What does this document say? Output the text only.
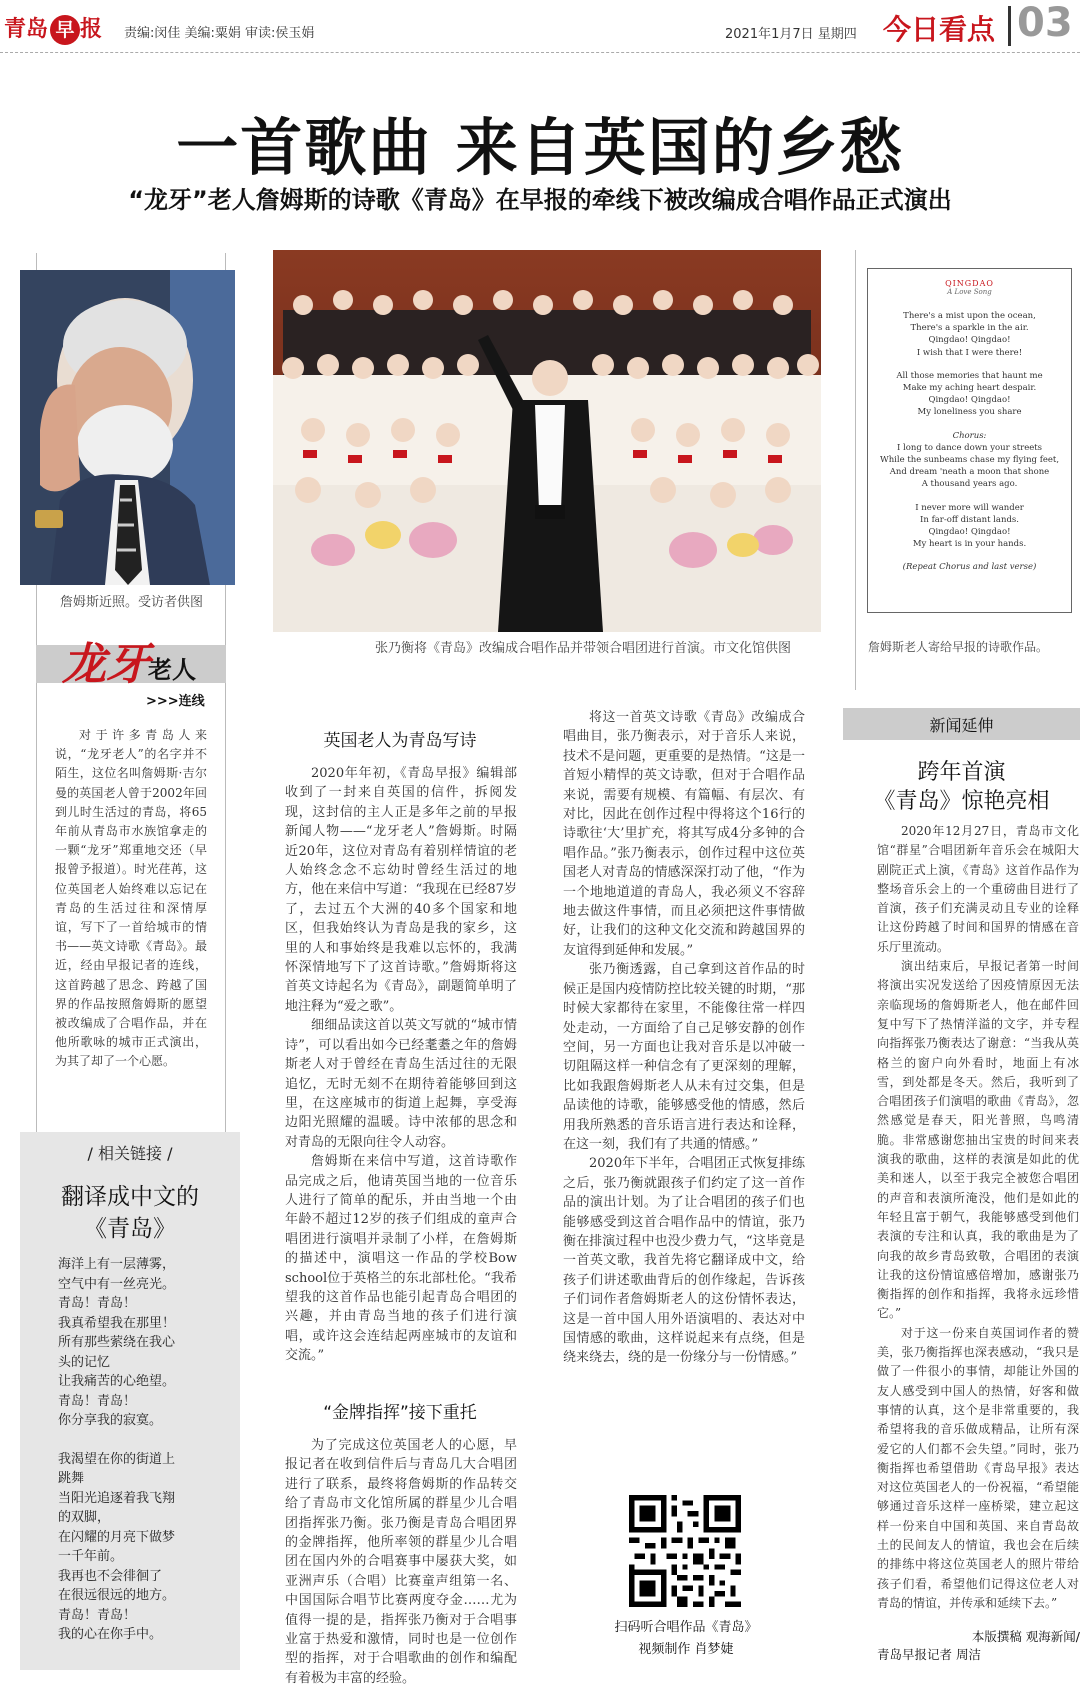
青岛 早 报 责编:闵佳 美编:粟娟 审读:侯玉娟	2021年1月7日 星期四 今日看点 03
一首歌曲 来自英国的乡愁
“龙牙”老人詹姆斯的诗歌《青岛》在早报的牵线下被改编成合唱作品正式演出
詹姆斯近照。受访者供图
龙牙
老人
>>>连线
对于许多青岛人来说，“龙牙老人”的名字并不陌生，这位名叫詹姆斯·吉尔曼的英国老人曾于2002年回到儿时生活过的青岛，将65年前从青岛市水族馆拿走的一颗“龙牙”郑重地交还（早报曾予报道）。时光荏苒，这位英国老人始终难以忘记在青岛的生活过往和深情厚谊，写下了一首给城市的情书——英文诗歌《青岛》。最近，经由早报记者的连线，这首跨越了思念、跨越了国界的作品按照詹姆斯的愿望被改编成了合唱作品，并在他所歌咏的城市正式演出，为其了却了一个心愿。
/ 相关链接 /
翻译成中文的
《青岛》
海洋上有一层薄雾，
空气中有一丝亮光。
青岛！青岛！
我真希望我在那里！
所有那些萦绕在我心
头的记忆
让我痛苦的心绝望。
青岛！青岛！
你分享我的寂寞。
我渴望在你的街道上
跳舞
当阳光追逐着我飞翔
的双脚，
在闪耀的月亮下做梦
一千年前。
我再也不会徘徊了
在很远很远的地方。
青岛！青岛！
我的心在你手中。
张乃衡将《青岛》改编成合唱作品并带领合唱团进行首演。市文化馆供图
英国老人为青岛写诗

2020年年初，《青岛早报》编辑部收到了一封来自英国的信件，拆阅发现，这封信的主人正是多年之前的早报新闻人物——“龙牙老人”詹姆斯。时隔近20年，这位对青岛有着别样情谊的老人始终念念不忘幼时曾经生活过的地方，他在来信中写道：“我现在已经87岁了，去过五个大洲的40多个国家和地区，但我始终认为青岛是我的家乡，这里的人和事始终是我难以忘怀的，我满怀深情地写下了这首诗歌。”詹姆斯将这首英文诗起名为《青岛》，副题简单明了地注释为“爱之歌”。

细细品读这首以英文写就的“城市情诗”，可以看出如今已经耄耋之年的詹姆斯老人对于曾经在青岛生活过往的无限追忆，无时无刻不在期待着能够回到这里，在这座城市的街道上起舞，享受海边阳光照耀的温暖。诗中浓郁的思念和对青岛的无限向往令人动容。

詹姆斯在来信中写道，这首诗歌作品完成之后，他请英国当地的一位音乐人进行了简单的配乐，并由当地一个由年龄不超过12岁的孩子们组成的童声合唱团进行演唱并录制了小样，在詹姆斯的描述中，演唱这一作品的学校Bow school位于英格兰的东北部杜伦。“我希望我的这首作品也能引起青岛合唱团的兴趣，并由青岛当地的孩子们进行演唱，或许这会连结起两座城市的友谊和交流。”

“金牌指挥”接下重托

为了完成这位英国老人的心愿，早报记者在收到信件后与青岛几大合唱团进行了联系，最终将詹姆斯的作品转交给了青岛市文化馆所属的群星少儿合唱团指挥张乃衡。张乃衡是青岛合唱团界的金牌指挥，他所率领的群星少儿合唱团在国内外的合唱赛事中屡获大奖，如亚洲声乐（合唱）比赛童声组第一名、中国国际合唱节比赛两度夺金……尤为值得一提的是，指挥张乃衡对于合唱事业富于热爱和激情，同时也是一位创作型的指挥，对于合唱歌曲的创作和编配有着极为丰富的经验。

将这一首英文诗歌《青岛》改编成合唱曲目，张乃衡表示，对于音乐人来说，技术不是问题，更重要的是热情。“这是一首短小精悍的英文诗歌，但对于合唱作品来说，需要有规模、有篇幅、有层次、有对比，因此在创作过程中得将这个16行的诗歌往‘大’里扩充，将其写成4分多钟的合唱作品。”张乃衡表示，创作过程中这位英国老人对青岛的情感深深打动了他，“作为一个地地道道的青岛人，我必须义不容辞地去做这件事情，而且必须把这件事情做好，让我们的这种文化交流和跨越国界的友谊得到延伸和发展。”

张乃衡透露，自己拿到这首作品的时候正是国内疫情防控比较关键的时期，“那时候大家都待在家里，不能像往常一样四处走动，一方面给了自己足够安静的创作空间，另一方面也让我对音乐是以冲破一切阻隔这样一种信念有了更深刻的理解，比如我跟詹姆斯老人从未有过交集，但是品读他的诗歌，能够感受他的情感，然后用我所熟悉的音乐语言进行表达和诠释，在这一刻，我们有了共通的情感。”

2020年下半年，合唱团正式恢复排练之后，张乃衡就跟孩子们约定了这一首作品的演出计划。为了让合唱团的孩子们也能够感受到这首合唱作品中的情谊，张乃衡在排演过程中也没少费力气，“这毕竟是一首英文歌，我首先将它翻译成中文，给孩子们讲述歌曲背后的创作缘起，告诉孩子们词作者詹姆斯老人的这份情怀表达，这是一首中国人用外语演唱的、表达对中国情感的歌曲，这样说起来有点绕，但是绕来绕去，绕的是一份缘分与一份情感。”

扫码听合唱作品《青岛》
视频制作 肖梦婕
QINGDAO
A Love Song
There's a mist upon the ocean,
There's a sparkle in the air.
Qingdao! Qingdao!
I wish that I were there!
All those memories that haunt me
Make my aching heart despair.
Qingdao! Qingdao!
My loneliness you share
Chorus:
I long to dance down your streets
While the sunbeams chase my flying feet,
And dream 'neath a moon that shone
A thousand years ago.
I never more will wander
In far-off distant lands.
Qingdao! Qingdao!
My heart is in your hands.
(Repeat Chorus and last verse)
詹姆斯老人寄给早报的诗歌作品。
新闻延伸
跨年首演
《青岛》惊艳亮相

2020年12月27日，青岛市文化馆“群星”合唱团新年音乐会在城阳大剧院正式上演，《青岛》这首作品作为整场音乐会上的一个重磅曲目进行了首演，孩子们充满灵动且专业的诠释让这份跨越了时间和国界的情感在音乐厅里流动。

演出结束后，早报记者第一时间将演出实况发送给了因疫情原因无法亲临现场的詹姆斯老人，他在邮件回复中写下了热情洋溢的文字，并专程向指挥张乃衡表达了谢意：“当我从英格兰的窗户向外看时，地面上有冰雪，到处都是冬天。然后，我听到了合唱团孩子们演唱的歌曲《青岛》，忽然感觉是春天，阳光普照，鸟鸣清脆。非常感谢您抽出宝贵的时间来表演我的歌曲，这样的表演是如此的优美和迷人，以至于我完全被您合唱团的声音和表演所淹没，他们是如此的年轻且富于朝气，我能够感受到他们表演的专注和认真，我的歌曲是为了向我的故乡青岛致敬，合唱团的表演让我的这份情谊感倍增加，感谢张乃衡指挥的创作和指挥，我将永远珍惜它。”

对于这一份来自英国词作者的赞美，张乃衡指挥也深表感动，“我只是做了一件很小的事情，却能让外国的友人感受到中国人的热情，好客和做事情的认真，这个是非常重要的，我希望将我的音乐做成精品，让所有深爱它的人们都不会失望。”同时，张乃衡指挥也希望借助《青岛早报》表达对这位英国老人的一份祝福，“希望能够通过音乐这样一座桥梁，建立起这样一份来自中国和英国、来自青岛故土的民间友人的情谊，我也会在后续的排练中将这位英国老人的照片带给孩子们看，希望他们记得这位老人对青岛的情谊，并传承和延续下去。”

本版撰稿 观海新闻/
青岛早报记者 周洁
